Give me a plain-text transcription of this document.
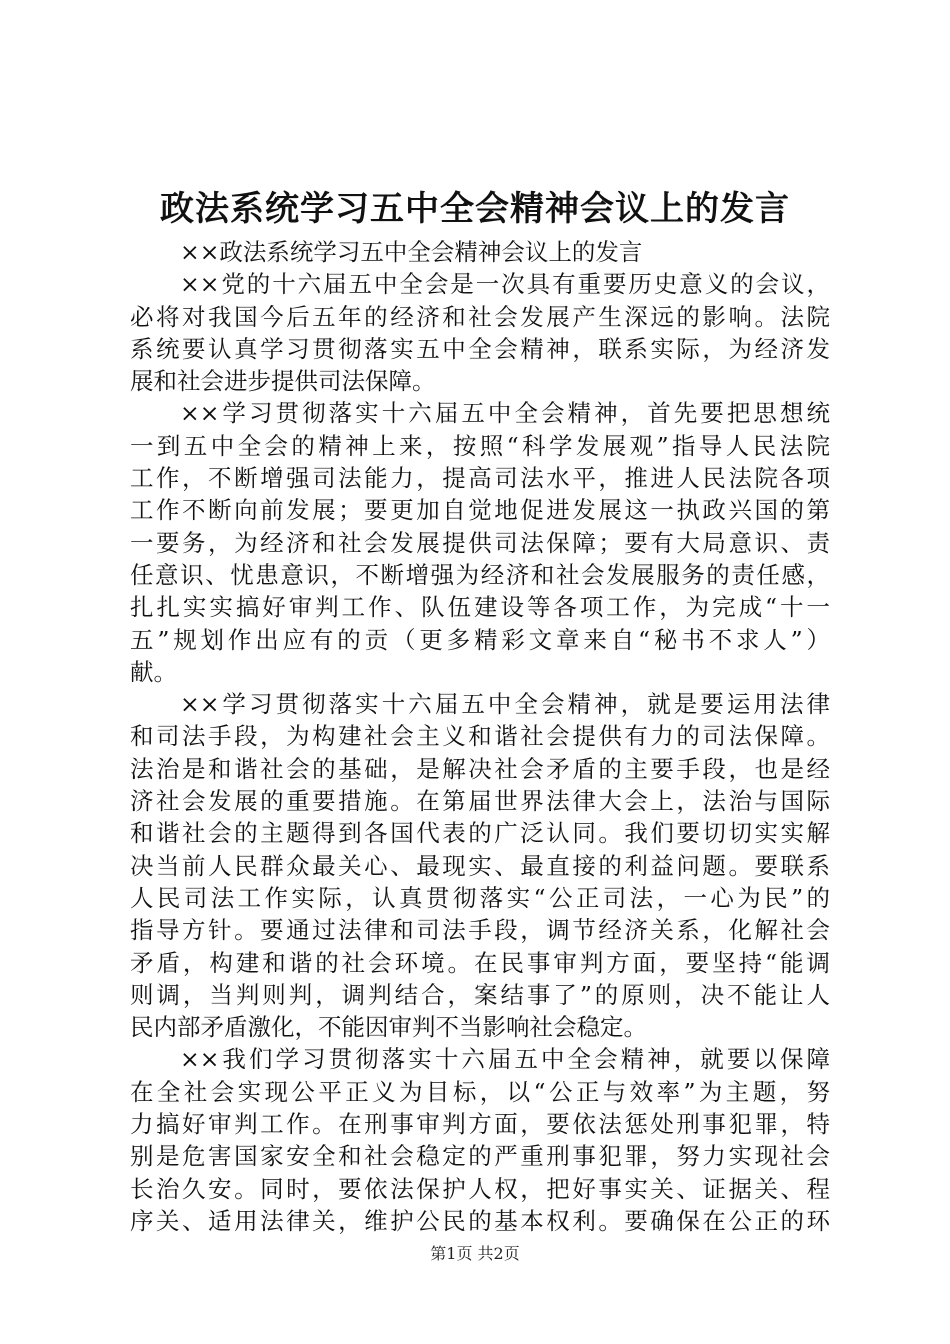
政法系统学习五中全会精神会议上的发言
××政法系统学习五中全会精神会议上的发言
××党的十六届五中全会是一次具有重要历史意义的会议，
必将对我国今后五年的经济和社会发展产生深远的影响。法院
系统要认真学习贯彻落实五中全会精神，联系实际，为经济发
展和社会进步提供司法保障。
××学习贯彻落实十六届五中全会精神，首先要把思想统
一到五中全会的精神上来，按照“科学发展观”指导人民法院
工作，不断增强司法能力，提高司法水平，推进人民法院各项
工作不断向前发展；要更加自觉地促进发展这一执政兴国的第
一要务，为经济和社会发展提供司法保障；要有大局意识、责
任意识、忧患意识，不断增强为经济和社会发展服务的责任感，
扎扎实实搞好审判工作、队伍建设等各项工作，为完成“十一
五”规划作出应有的贡（更多精彩文章来自“秘书不求人”）
献。
××学习贯彻落实十六届五中全会精神，就是要运用法律
和司法手段，为构建社会主义和谐社会提供有力的司法保障。
法治是和谐社会的基础，是解决社会矛盾的主要手段，也是经
济社会发展的重要措施。在第届世界法律大会上，法治与国际
和谐社会的主题得到各国代表的广泛认同。我们要切切实实解
决当前人民群众最关心、最现实、最直接的利益问题。要联系
人民司法工作实际，认真贯彻落实“公正司法，一心为民”的
指导方针。要通过法律和司法手段，调节经济关系，化解社会
矛盾，构建和谐的社会环境。在民事审判方面，要坚持“能调
则调，当判则判，调判结合，案结事了”的原则，决不能让人
民内部矛盾激化，不能因审判不当影响社会稳定。
××我们学习贯彻落实十六届五中全会精神，就要以保障
在全社会实现公平正义为目标，以“公正与效率”为主题，努
力搞好审判工作。在刑事审判方面，要依法惩处刑事犯罪，特
别是危害国家安全和社会稳定的严重刑事犯罪，努力实现社会
长治久安。同时，要依法保护人权，把好事实关、证据关、程
序关、适用法律关，维护公民的基本权利。要确保在公正的环
第1页 共2页
